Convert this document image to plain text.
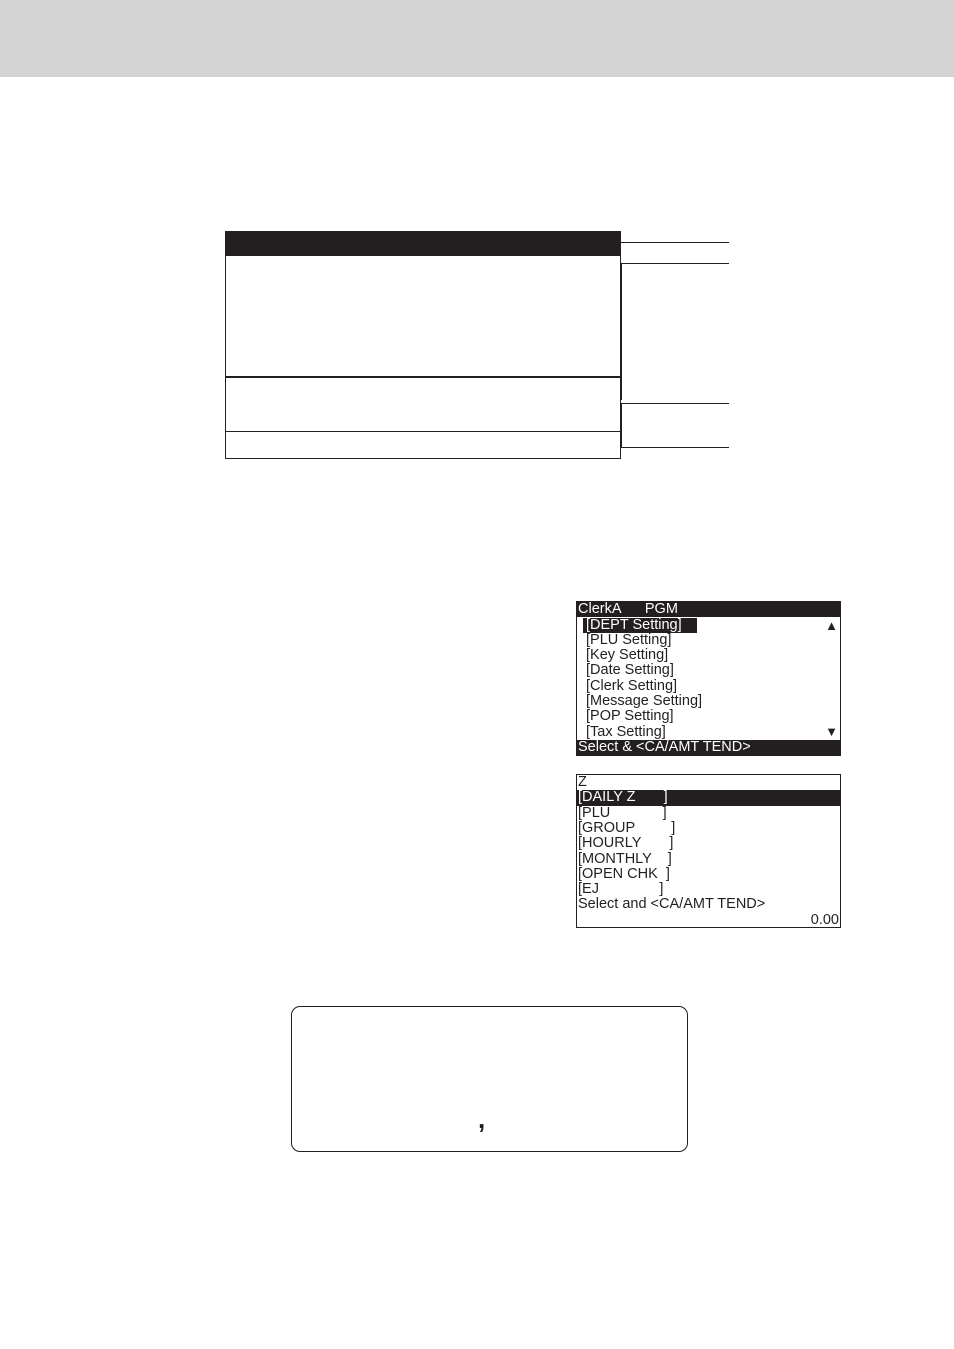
ClerkA      PGM
[DEPT Setting]
[PLU Setting]
[Key Setting]
[Date Setting]
[Clerk Setting]
[Message Setting]
[POP Setting]
[Tax Setting]
▲
▼
Select & <CA/AMT TEND>
Z
[DAILY Z       ]
[PLU             ]
[GROUP         ]
[HOURLY       ]
[MONTHLY    ]
[OPEN CHK  ]
[EJ               ]
Select and <CA/AMT TEND>
0.00
,
